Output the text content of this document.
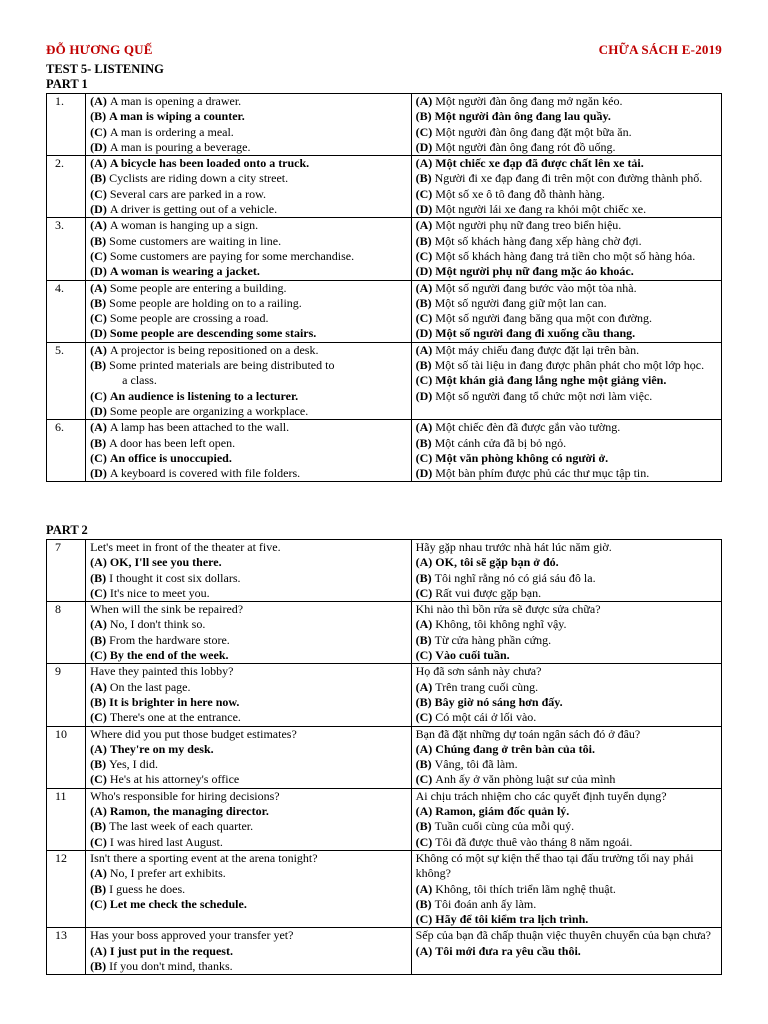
ĐỖ HƯƠNG QUẾ	CHỮA SÁCH E-2019
TEST 5- LISTENING
PART 1
1.	(A) A man is opening a drawer.
(B) A man is wiping a counter.
(C) A man is ordering a meal.
(D) A man is pouring a beverage.	(A) Một người đàn ông đang mở ngăn kéo.
(B) Một người đàn ông đang lau quầy.
(C) Một người đàn ông đang đặt một bữa ăn.
(D) Một người đàn ông đang rót đồ uống.

2.	(A) A bicycle has been loaded onto a truck.
(B) Cyclists are riding down a city street.
(C) Several cars are parked in a row.
(D) A driver is getting out of a vehicle.	(A) Một chiếc xe đạp đã được chất lên xe tải.
(B) Người đi xe đạp đang đi trên một con đường thành phố.
(C) Một số xe ô tô đang đỗ thành hàng.
(D) Một người lái xe đang ra khỏi một chiếc xe.

3.	(A) A woman is hanging up a sign.
(B) Some customers are waiting in line.
(C) Some customers are paying for some merchandise.
(D) A woman is wearing a jacket.	(A) Một người phụ nữ đang treo biển hiệu.
(B) Một số khách hàng đang xếp hàng chờ đợi.
(C) Một số khách hàng đang trả tiền cho một số hàng hóa.
(D) Một người phụ nữ đang mặc áo khoác.

4.	(A) Some people are entering a building.
(B) Some people are holding on to a railing.
(C) Some people are crossing a road.
(D) Some people are descending some stairs.	(A) Một số người đang bước vào một tòa nhà.
(B) Một số người đang giữ một lan can.
(C) Một số người đang băng qua một con đường.
(D) Một số người đang đi xuống cầu thang.

5.	(A) A projector is being repositioned on a desk.
(B) Some printed materials are being distributed to
a class.
(C) An audience is listening to a lecturer.
(D) Some people are organizing a workplace.	(A) Một máy chiếu đang được đặt lại trên bàn.
(B) Một số tài liệu in đang được phân phát cho một lớp học.
(C) Một khán giả đang lắng nghe một giảng viên.
(D) Một số người đang tổ chức một nơi làm việc.

6.	(A) A lamp has been attached to the wall.
(B) A door has been left open.
(C) An office is unoccupied.
(D) A keyboard is covered with file folders.	(A) Một chiếc đèn đã được gắn vào tường.
(B) Một cánh cửa đã bị bỏ ngỏ.
(C) Một văn phòng không có người ở.
(D) Một bàn phím được phủ các thư mục tập tin.
PART 2
7	Let's meet in front of the theater at five.
(A) OK, I'll see you there.
(B) I thought it cost six dollars.
(C) It's nice to meet you.	Hãy gặp nhau trước nhà hát lúc năm giờ.
(A) OK, tôi sẽ gặp bạn ở đó.
(B) Tôi nghĩ rằng nó có giá sáu đô la.
(C) Rất vui được gặp bạn.

8	When will the sink be repaired?
(A) No, I don't think so.
(B) From the hardware store.
(C) By the end of the week.	Khi nào thì bồn rửa sẽ được sửa chữa?
(A) Không, tôi không nghĩ vậy.
(B) Từ cửa hàng phần cứng.
(C) Vào cuối tuần.

9	Have they painted this lobby?
(A) On the last page.
(B) It is brighter in here now.
(C) There's one at the entrance.	Họ đã sơn sảnh này chưa?
(A) Trên trang cuối cùng.
(B) Bây giờ nó sáng hơn đấy.
(C) Có một cái ở lối vào.

10	Where did you put those budget estimates?
(A) They're on my desk.
(B) Yes, I did.
(C) He's at his attorney's office	Bạn đã đặt những dự toán ngân sách đó ở đâu?
(A) Chúng đang ở trên bàn của tôi.
(B) Vâng, tôi đã làm.
(C) Anh ấy ở văn phòng luật sư của mình

11	Who's responsible for hiring decisions?
(A) Ramon, the managing director.
(B) The last week of each quarter.
(C) I was hired last August.	Ai chịu trách nhiệm cho các quyết định tuyển dụng?
(A) Ramon, giám đốc quản lý.
(B) Tuần cuối cùng của mỗi quý.
(C) Tôi đã được thuê vào tháng 8 năm ngoái.

12	Isn't there a sporting event at the arena tonight?
(A) No, I prefer art exhibits.
(B) I guess he does.
(C) Let me check the schedule.	Không có một sự kiện thể thao tại đấu trường tối nay phải không?
(A) Không, tôi thích triển lãm nghệ thuật.
(B) Tôi đoán anh ấy làm.
(C) Hãy để tôi kiểm tra lịch trình.

13	Has your boss approved your transfer yet?
(A) I just put in the request.
(B) If you don't mind, thanks.	Sếp của bạn đã chấp thuận việc thuyên chuyển của bạn chưa?
(A) Tôi mới đưa ra yêu cầu thôi.
